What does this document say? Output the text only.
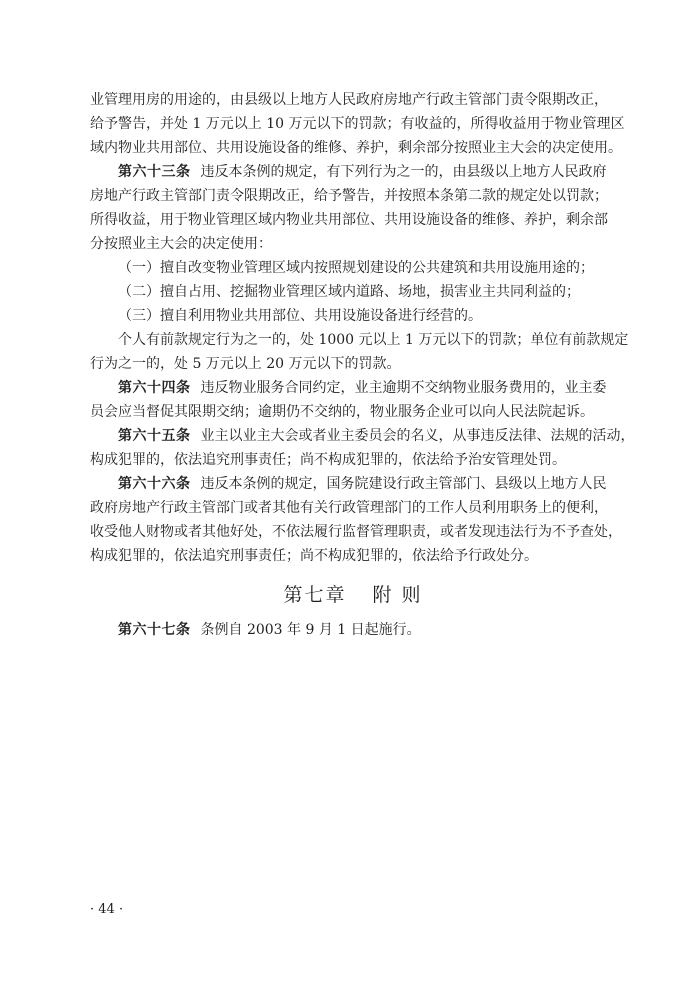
业管理用房的用途的，由县级以上地方人民政府房地产行政主管部门责令限期改正，
给予警告，并处 1 万元以上 10 万元以下的罚款；有收益的，所得收益用于物业管理区
域内物业共用部位、共用设施设备的维修、养护，剩余部分按照业主大会的决定使用。
第六十三条 违反本条例的规定，有下列行为之一的，由县级以上地方人民政府
房地产行政主管部门责令限期改正，给予警告，并按照本条第二款的规定处以罚款；
所得收益，用于物业管理区域内物业共用部位、共用设施设备的维修、养护，剩余部
分按照业主大会的决定使用：
（一）擅自改变物业管理区域内按照规划建设的公共建筑和共用设施用途的；
（二）擅自占用、挖掘物业管理区域内道路、场地，损害业主共同利益的；
（三）擅自利用物业共用部位、共用设施设备进行经营的。
个人有前款规定行为之一的，处 1000 元以上 1 万元以下的罚款；单位有前款规定
行为之一的，处 5 万元以上 20 万元以下的罚款。
第六十四条 违反物业服务合同约定，业主逾期不交纳物业服务费用的，业主委
员会应当督促其限期交纳；逾期仍不交纳的，物业服务企业可以向人民法院起诉。
第六十五条 业主以业主大会或者业主委员会的名义，从事违反法律、法规的活动，
构成犯罪的，依法追究刑事责任；尚不构成犯罪的，依法给予治安管理处罚。
第六十六条 违反本条例的规定，国务院建设行政主管部门、县级以上地方人民
政府房地产行政主管部门或者其他有关行政管理部门的工作人员利用职务上的便利，
收受他人财物或者其他好处，不依法履行监督管理职责，或者发现违法行为不予查处，
构成犯罪的，依法追究刑事责任；尚不构成犯罪的，依法给予行政处分。
第七章 附 则
第六十七条 条例自 2003 年 9 月 1 日起施行。
· 44 ·
